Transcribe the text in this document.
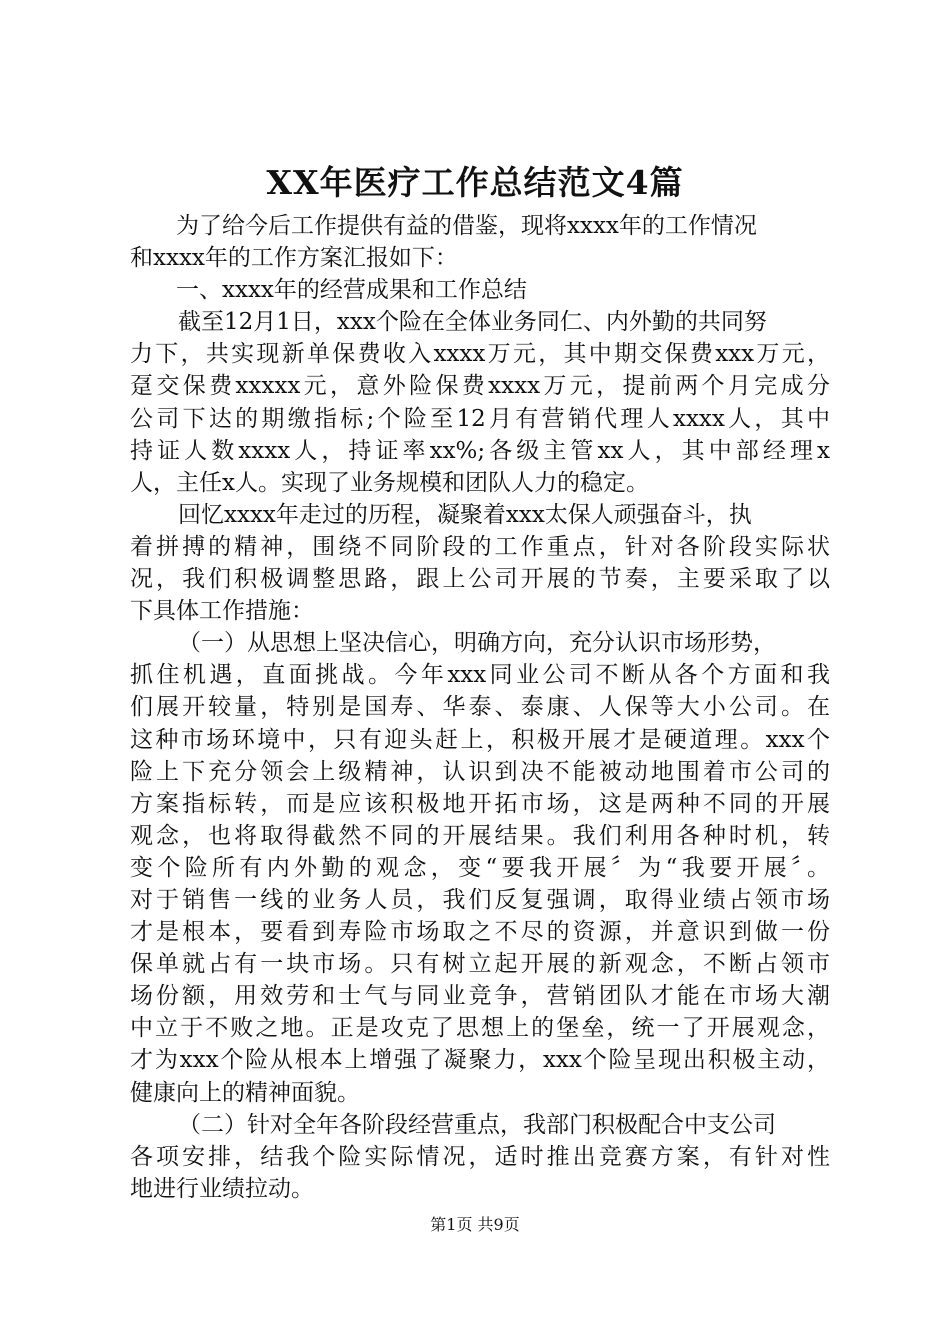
XX年医疗工作总结范文4篇
为了给今后工作提供有益的借鉴，现将xxxx年的工作情况
和xxxx年的工作方案汇报如下：
一、xxxx年的经营成果和工作总结
截至12月1日，xxx个险在全体业务同仁、内外勤的共同努
力下，共实现新单保费收入xxxx万元，其中期交保费xxx万元，
趸交保费xxxxx元，意外险保费xxxx万元，提前两个月完成分
公司下达的期缴指标;个险至12月有营销代理人xxxx人，其中
持证人数xxxx人，持证率xx%;各级主管xx人，其中部经理x
人，主任x人。实现了业务规模和团队人力的稳定。
回忆xxxx年走过的历程，凝聚着xxx太保人顽强奋斗，执
着拼搏的精神，围绕不同阶段的工作重点，针对各阶段实际状
况，我们积极调整思路，跟上公司开展的节奏，主要采取了以
下具体工作措施：
（一）从思想上坚决信心，明确方向，充分认识市场形势，
抓住机遇，直面挑战。今年xxx同业公司不断从各个方面和我
们展开较量，特别是国寿、华泰、泰康、人保等大小公司。在
这种市场环境中，只有迎头赶上，积极开展才是硬道理。xxx个
险上下充分领会上级精神，认识到决不能被动地围着市公司的
方案指标转，而是应该积极地开拓市场，这是两种不同的开展
观念，也将取得截然不同的开展结果。我们利用各种时机，转
变个险所有内外勤的观念，变“要我开展〞为“我要开展〞。
对于销售一线的业务人员，我们反复强调，取得业绩占领市场
才是根本，要看到寿险市场取之不尽的资源，并意识到做一份
保单就占有一块市场。只有树立起开展的新观念，不断占领市
场份额，用效劳和士气与同业竞争，营销团队才能在市场大潮
中立于不败之地。正是攻克了思想上的堡垒，统一了开展观念，
才为xxx个险从根本上增强了凝聚力，xxx个险呈现出积极主动，
健康向上的精神面貌。
（二）针对全年各阶段经营重点，我部门积极配合中支公司
各项安排，结我个险实际情况，适时推出竞赛方案，有针对性
地进行业绩拉动。
第1页 共9页
